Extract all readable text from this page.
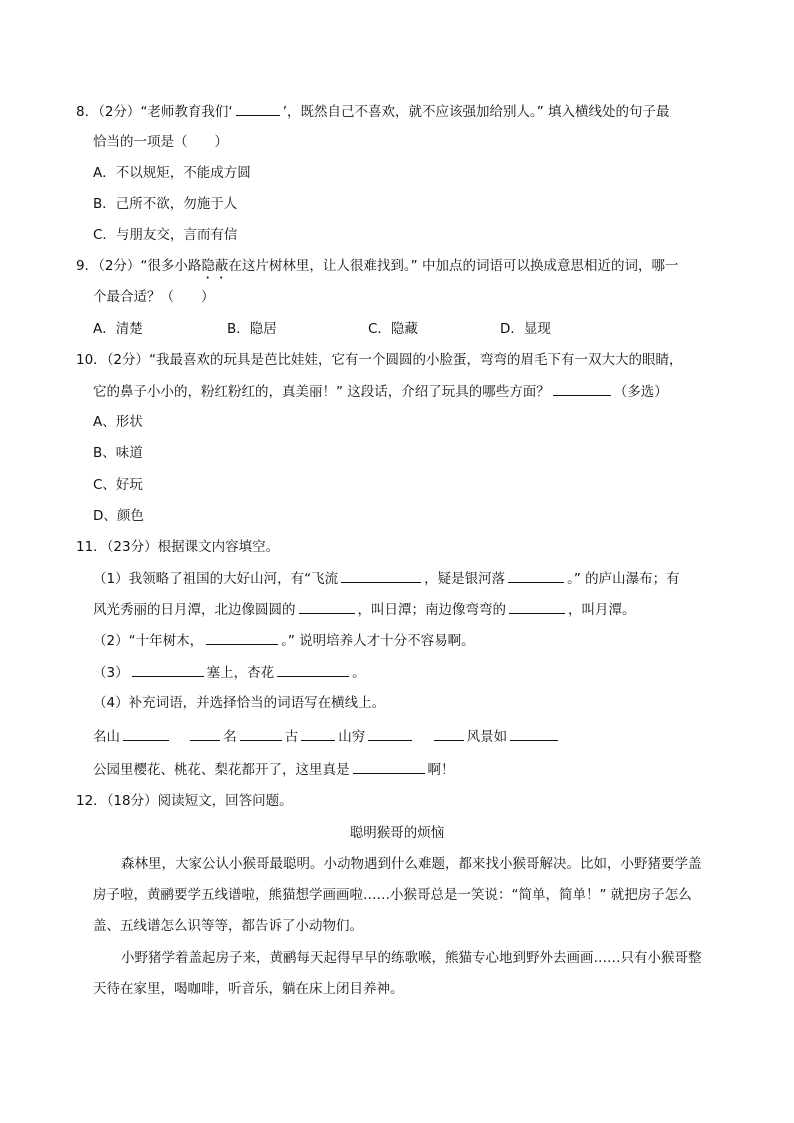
8．（2分）“老师教育我们‘	’，既然自己不喜欢，就不应该强加给别人。” 填入横线处的句子最
恰当的一项是（　　）
A．不以规矩，不能成方圆
B．己所不欲，勿施于人
C．与朋友交，言而有信
9．（2分）“很多小路隐蔽在这片树林里，让人很难找到。” 中加点的词语可以换成意思相近的词，哪一
个最合适？（　　）
A．清楚	B．隐居	C．隐藏	D．显现
10．（2分）“我最喜欢的玩具是芭比娃娃，它有一个圆圆的小脸蛋，弯弯的眉毛下有一双大大的眼睛，
它的鼻子小小的，粉红粉红的，真美丽！” 这段话，介绍了玩具的哪些方面？	（多选）
A、形状
B、味道
C、好玩
D、颜色
11．（23分）根据课文内容填空。
（1）我领略了祖国的大好山河，有“飞流	，疑是银河落	。” 的庐山瀑布；有
风光秀丽的日月潭，北边像圆圆的	，叫日潭；南边像弯弯的	，叫月潭。
（2）“十年树木，	。” 说明培养人才十分不容易啊。
（3）	塞上，杏花	。
（4）补充词语，并选择恰当的词语写在横线上。
名山	名	古	山穷	风景如
公园里樱花、桃花、梨花都开了，这里真是	啊！
12．（18分）阅读短文，回答问题。
聪明猴哥的烦恼
森林里，大家公认小猴哥最聪明。小动物遇到什么难题，都来找小猴哥解决。比如，小野猪要学盖
房子啦，黄鹂要学五线谱啦，熊猫想学画画啦……小猴哥总是一笑说：“简单，简单！” 就把房子怎么
盖、五线谱怎么识等等，都告诉了小动物们。
小野猪学着盖起房子来，黄鹂每天起得早早的练歌喉，熊猫专心地到野外去画画……只有小猴哥整
天待在家里，喝咖啡，听音乐，躺在床上闭目养神。
